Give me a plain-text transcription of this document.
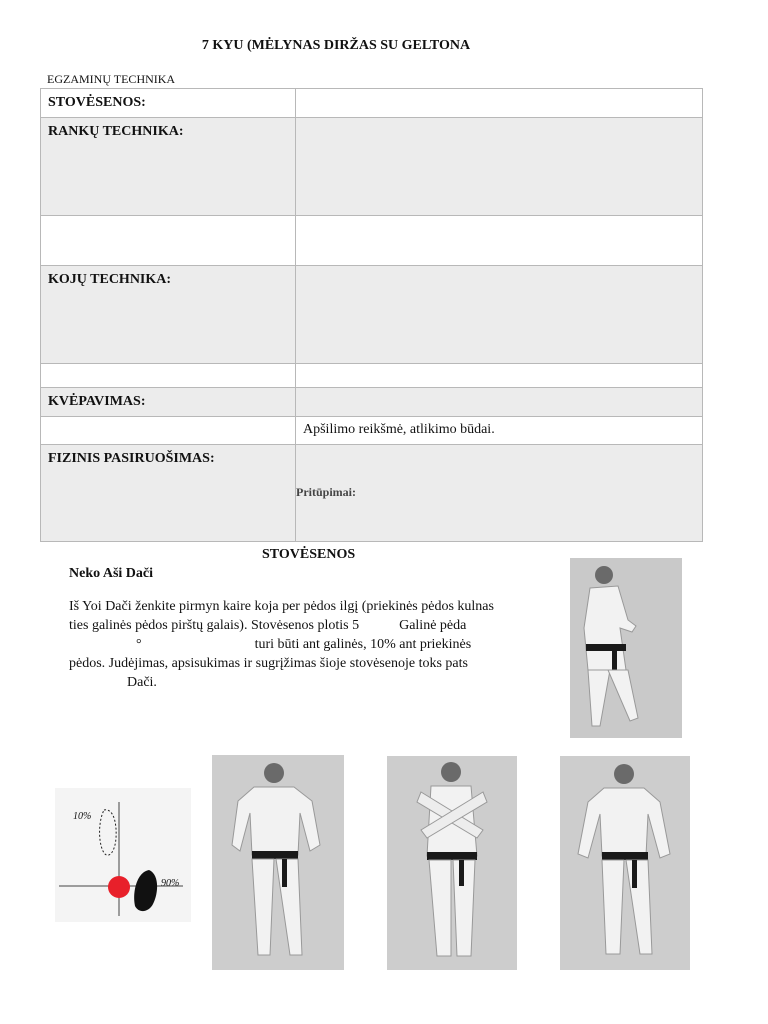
7 KYU (MĖLYNAS DIRŽAS SU GELTONA
EGZAMINŲ TECHNIKA
STOVĖSENOS:	
RANKŲ TECHNIKA:	

KOJŲ TECHNIKA:	

KVĖPAVIMAS:	
	Apšilimo reikšmė, atlikimo būdai.
FIZINIS PASIRUOŠIMAS:	Pritūpimai:
STOVĖSENOS
Neko Aši Dači
Iš Yoi Dači ženkite pirmyn kaire koja per pėdos ilgį (priekinės pėdos kulnas
ties galinės pėdos pirštų galais). Stovėsenos plotis 5	Galinė pėda
°	turi būti ant galinės, 10% ant priekinės
pėdos. Judėjimas, apsisukimas ir sugrįžimas šioje stovėsenoje toks pats
Dači.
10%
90%
